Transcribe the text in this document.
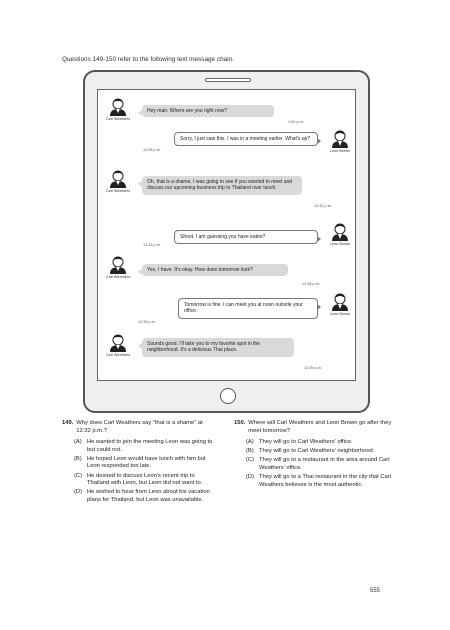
Questions 149-150 refer to the following text message chain.
Carl Weathers
Hey man. Where are you right now?
1:00 p.m.
Leon Brown
Sorry, I just saw this. I was in a meeting earlier. What's up?
12:08 p.m.
Carl Weathers
Oh, that is a shame. I was going to see if you wanted to meet and discuss our upcoming business trip to Thailand over lunch.
12:32 p.m.
Leon Brown
Shoot. I am guessing you have eaten?
12:33 p.m.
Carl Weathers
Yes, I have. It's okay. How does tomorrow look?
12:36 p.m.
Leon Brown
Tomorrow is fine. I can meet you at noon outside your office.
12:38 p.m.
Carl Weathers
Sounds good. I'll take you to my favorite spot in the neighborhood. It's a delicious Thai place.
12:39 p.m.
149. Why does Carl Weathers say "that is a shame" at 12:32 p.m.?
(A) He wanted to join the meeting Leon was going to but could not.
(B) He hoped Leon would have lunch with him but Leon responded too late.
(C) He desired to discuss Leon's recent trip to Thailand with Leon, but Leon did not want to.
(D) He wished to hear from Leon about his vacation plans for Thailand, but Leon was unavailable.
150. Where will Carl Weathers and Leon Brown go after they meet tomorrow?
(A) They will go to Carl Weathers' office.
(B) They will go to Carl Weathers' neighborhood.
(C) They will go to a restaurant in the area around Carl Weathers' office.
(D) They will go to a Thai restaurant in the city that Carl Weathers believes is the most authentic.
555
